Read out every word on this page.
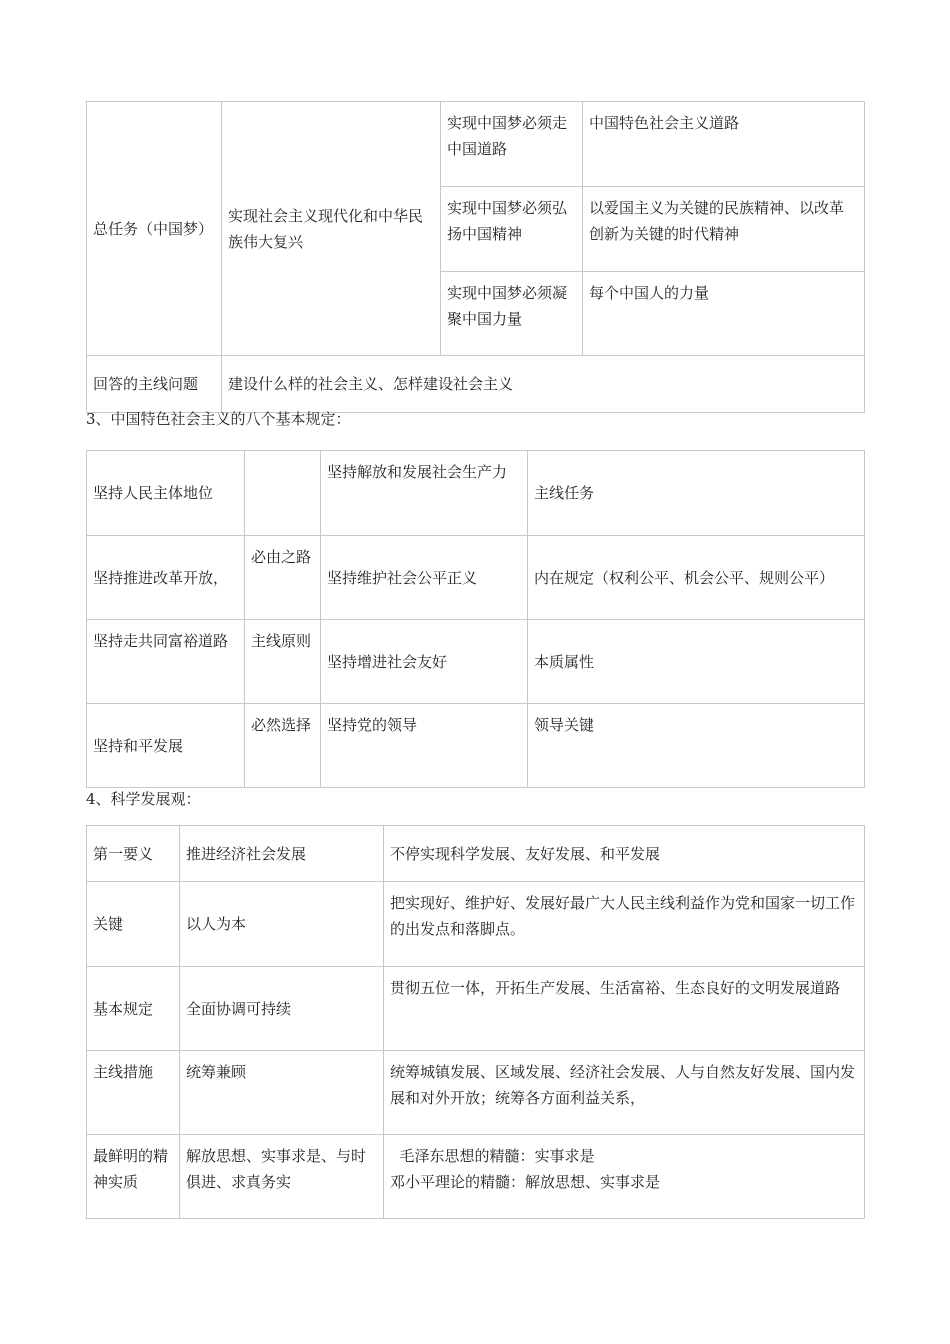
总任务（中国梦）	实现社会主义现代化和中华民族伟大复兴	实现中国梦必须走中国道路	中国特色社会主义道路
		实现中国梦必须弘扬中国精神	以爱国主义为关键的民族精神、以改革创新为关键的时代精神
		实现中国梦必须凝聚中国力量	每个中国人的力量
回答的主线问题	建设什么样的社会主义、怎样建设社会主义		
3、中国特色社会主义的八个基本规定：
坚持人民主体地位		坚持解放和发展社会生产力	主线任务
坚持推进改革开放，	必由之路	坚持维护社会公平正义	内在规定（权利公平、机会公平、规则公平）
坚持走共同富裕道路	主线原则	坚持增进社会友好	本质属性
坚持和平发展	必然选择	坚持党的领导	领导关键
4、科学发展观：
第一要义	推进经济社会发展	不停实现科学发展、友好发展、和平发展

关键	以人为本	把实现好、维护好、发展好最广大人民主线利益作为党和国家一切工作的出发点和落脚点。

基本规定	全面协调可持续	贯彻五位一体，开拓生产发展、生活富裕、生态良好的文明发展道路

主线措施	统筹兼顾	统筹城镇发展、区域发展、经济社会发展、人与自然友好发展、国内发展和对外开放；统筹各方面利益关系，

最鲜明的精神实质	解放思想、实事求是、与时俱进、求真务实	毛泽东思想的精髓：实事求是
邓小平理论的精髓：解放思想、实事求是
